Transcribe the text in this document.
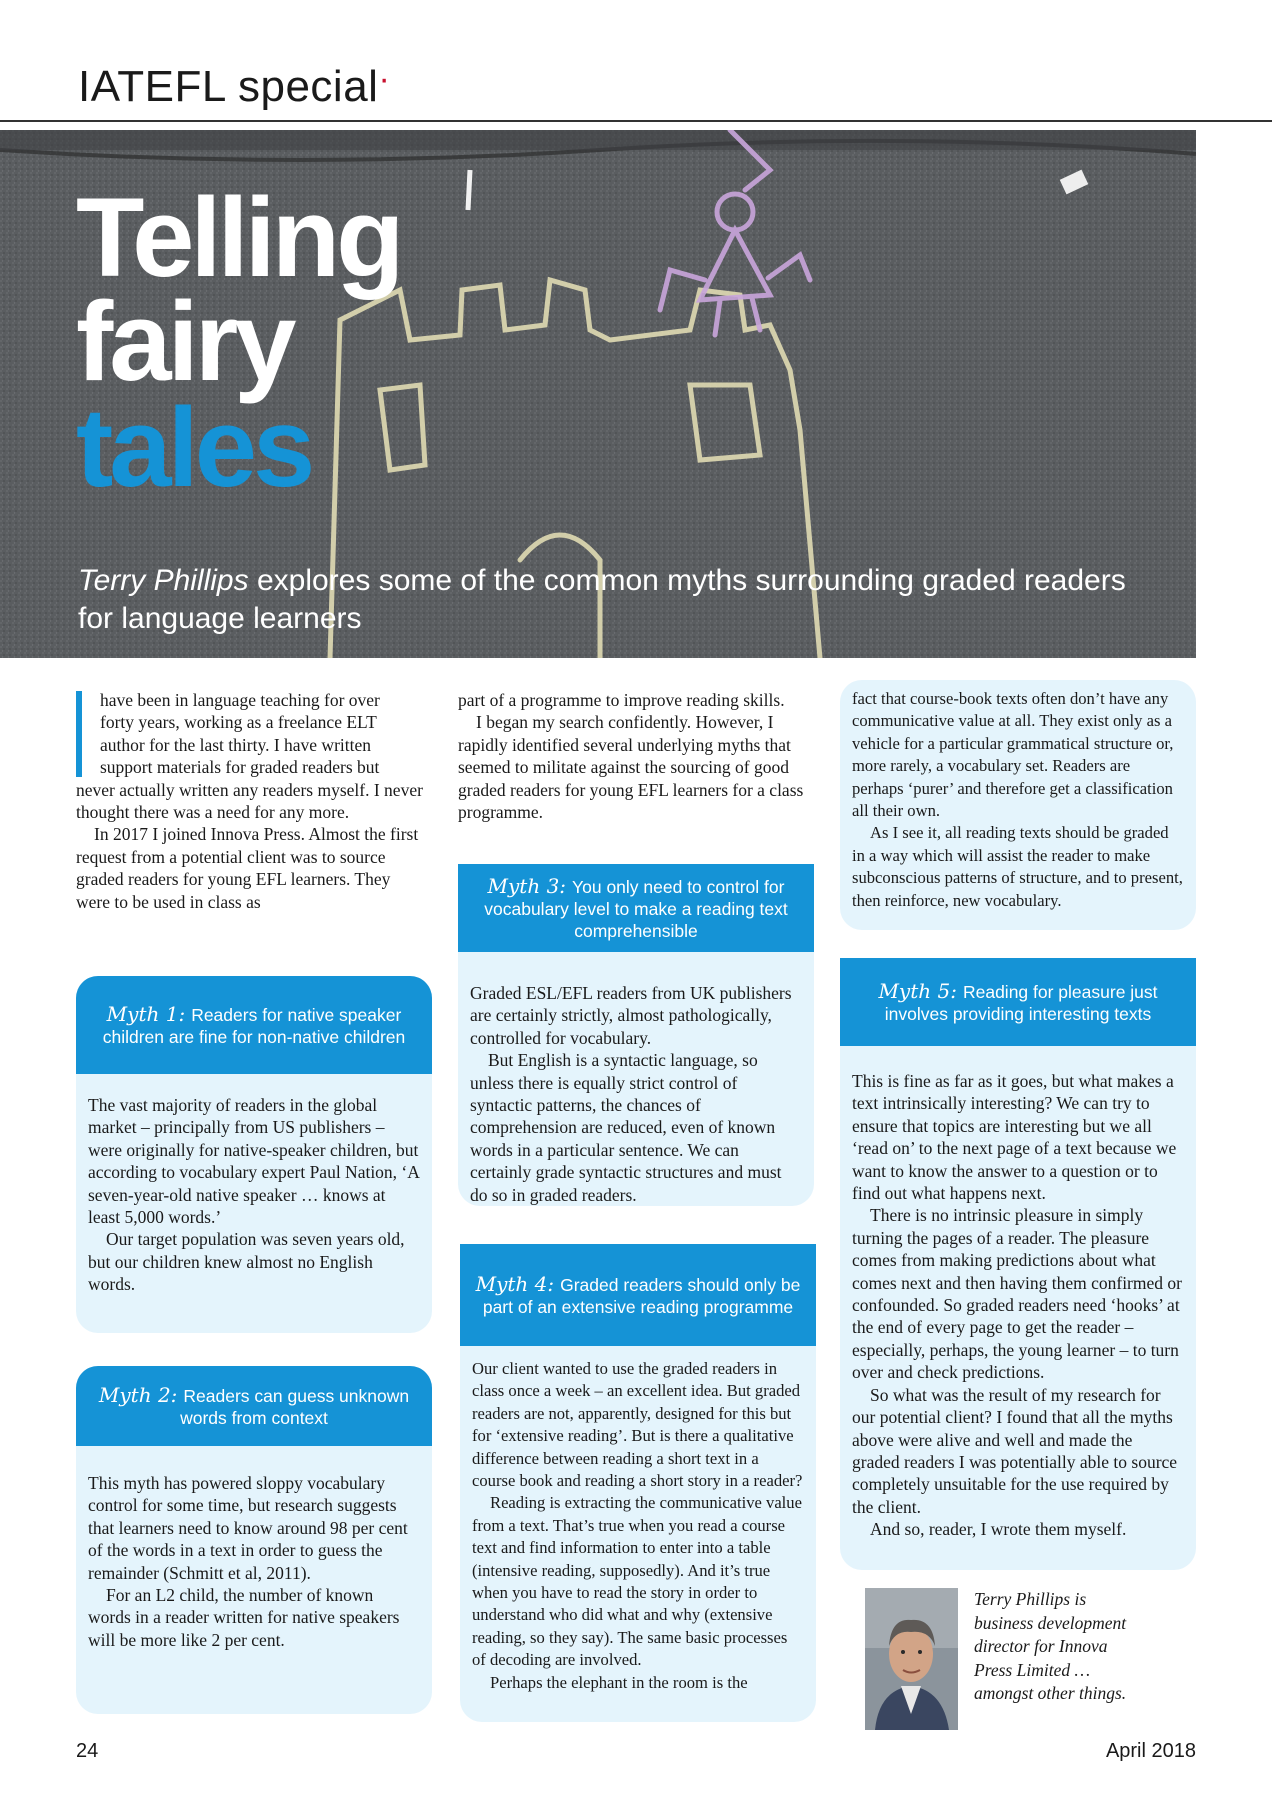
IATEFL special·
Telling
fairy
tales
Terry Phillips explores some of the common myths surrounding graded readers for language learners

have been in language teaching for over

forty years, working as a freelance ELT

author for the last thirty. I have written

support materials for graded readers but

never actually written any readers myself. I never thought there was a need for any more.

In 2017 I joined Innova Press. Almost the first request from a potential client was to source graded readers for young EFL learners. They were to be used in class as

Myth 1: Readers for native speaker children are fine for non-native children

The vast majority of readers in the global market – principally from US publishers – were originally for native-speaker children, but according to vocabulary expert Paul Nation, ‘A seven-year-old native speaker … knows at least 5,000 words.’

Our target population was seven years old, but our children knew almost no English words.

Myth 2: Readers can guess unknown words from context

This myth has powered sloppy vocabulary control for some time, but research suggests that learners need to know around 98 per cent of the words in a text in order to guess the remainder (Schmitt et al, 2011).

For an L2 child, the number of known words in a reader written for native speakers will be more like 2 per cent.

part of a programme to improve reading skills.

I began my search confidently. However, I rapidly identified several underlying myths that seemed to militate against the sourcing of good graded readers for young EFL learners for a class programme.

Myth 3: You only need to control for vocabulary level to make a reading text comprehensible

Graded ESL/EFL readers from UK publishers are certainly strictly, almost pathologically, controlled for vocabulary.

But English is a syntactic language, so unless there is equally strict control of syntactic patterns, the chances of comprehension are reduced, even of known words in a particular sentence. We can certainly grade syntactic structures and must do so in graded readers.

Myth 4: Graded readers should only be part of an extensive reading programme

Our client wanted to use the graded readers in class once a week – an excellent idea. But graded readers are not, apparently, designed for this but for ‘extensive reading’. But is there a qualitative difference between reading a short text in a course book and reading a short story in a reader?

Reading is extracting the communicative value from a text. That’s true when you read a course text and find information to enter into a table (intensive reading, supposedly). And it’s true when you have to read the story in order to understand who did what and why (extensive reading, so they say). The same basic processes of decoding are involved.

Perhaps the elephant in the room is the

fact that course-book texts often don’t have any communicative value at all. They exist only as a vehicle for a particular grammatical structure or, more rarely, a vocabulary set. Readers are perhaps ‘purer’ and therefore get a classification all their own.

As I see it, all reading texts should be graded in a way which will assist the reader to make subconscious patterns of structure, and to present, then reinforce, new vocabulary.

Myth 5: Reading for pleasure just involves providing interesting texts

This is fine as far as it goes, but what makes a text intrinsically interesting? We can try to ensure that topics are interesting but we all ‘read on’ to the next page of a text because we want to know the answer to a question or to find out what happens next.

There is no intrinsic pleasure in simply turning the pages of a reader. The pleasure comes from making predictions about what comes next and then having them confirmed or confounded. So graded readers need ‘hooks’ at the end of every page to get the reader – especially, perhaps, the young learner – to turn over and check predictions.

So what was the result of my research for our potential client? I found that all the myths above were alive and well and made the graded readers I was potentially able to source completely unsuitable for the use required by the client.

And so, reader, I wrote them myself.

Terry Phillips is business development director for Innova Press Limited … amongst other things.
24	April 2018
